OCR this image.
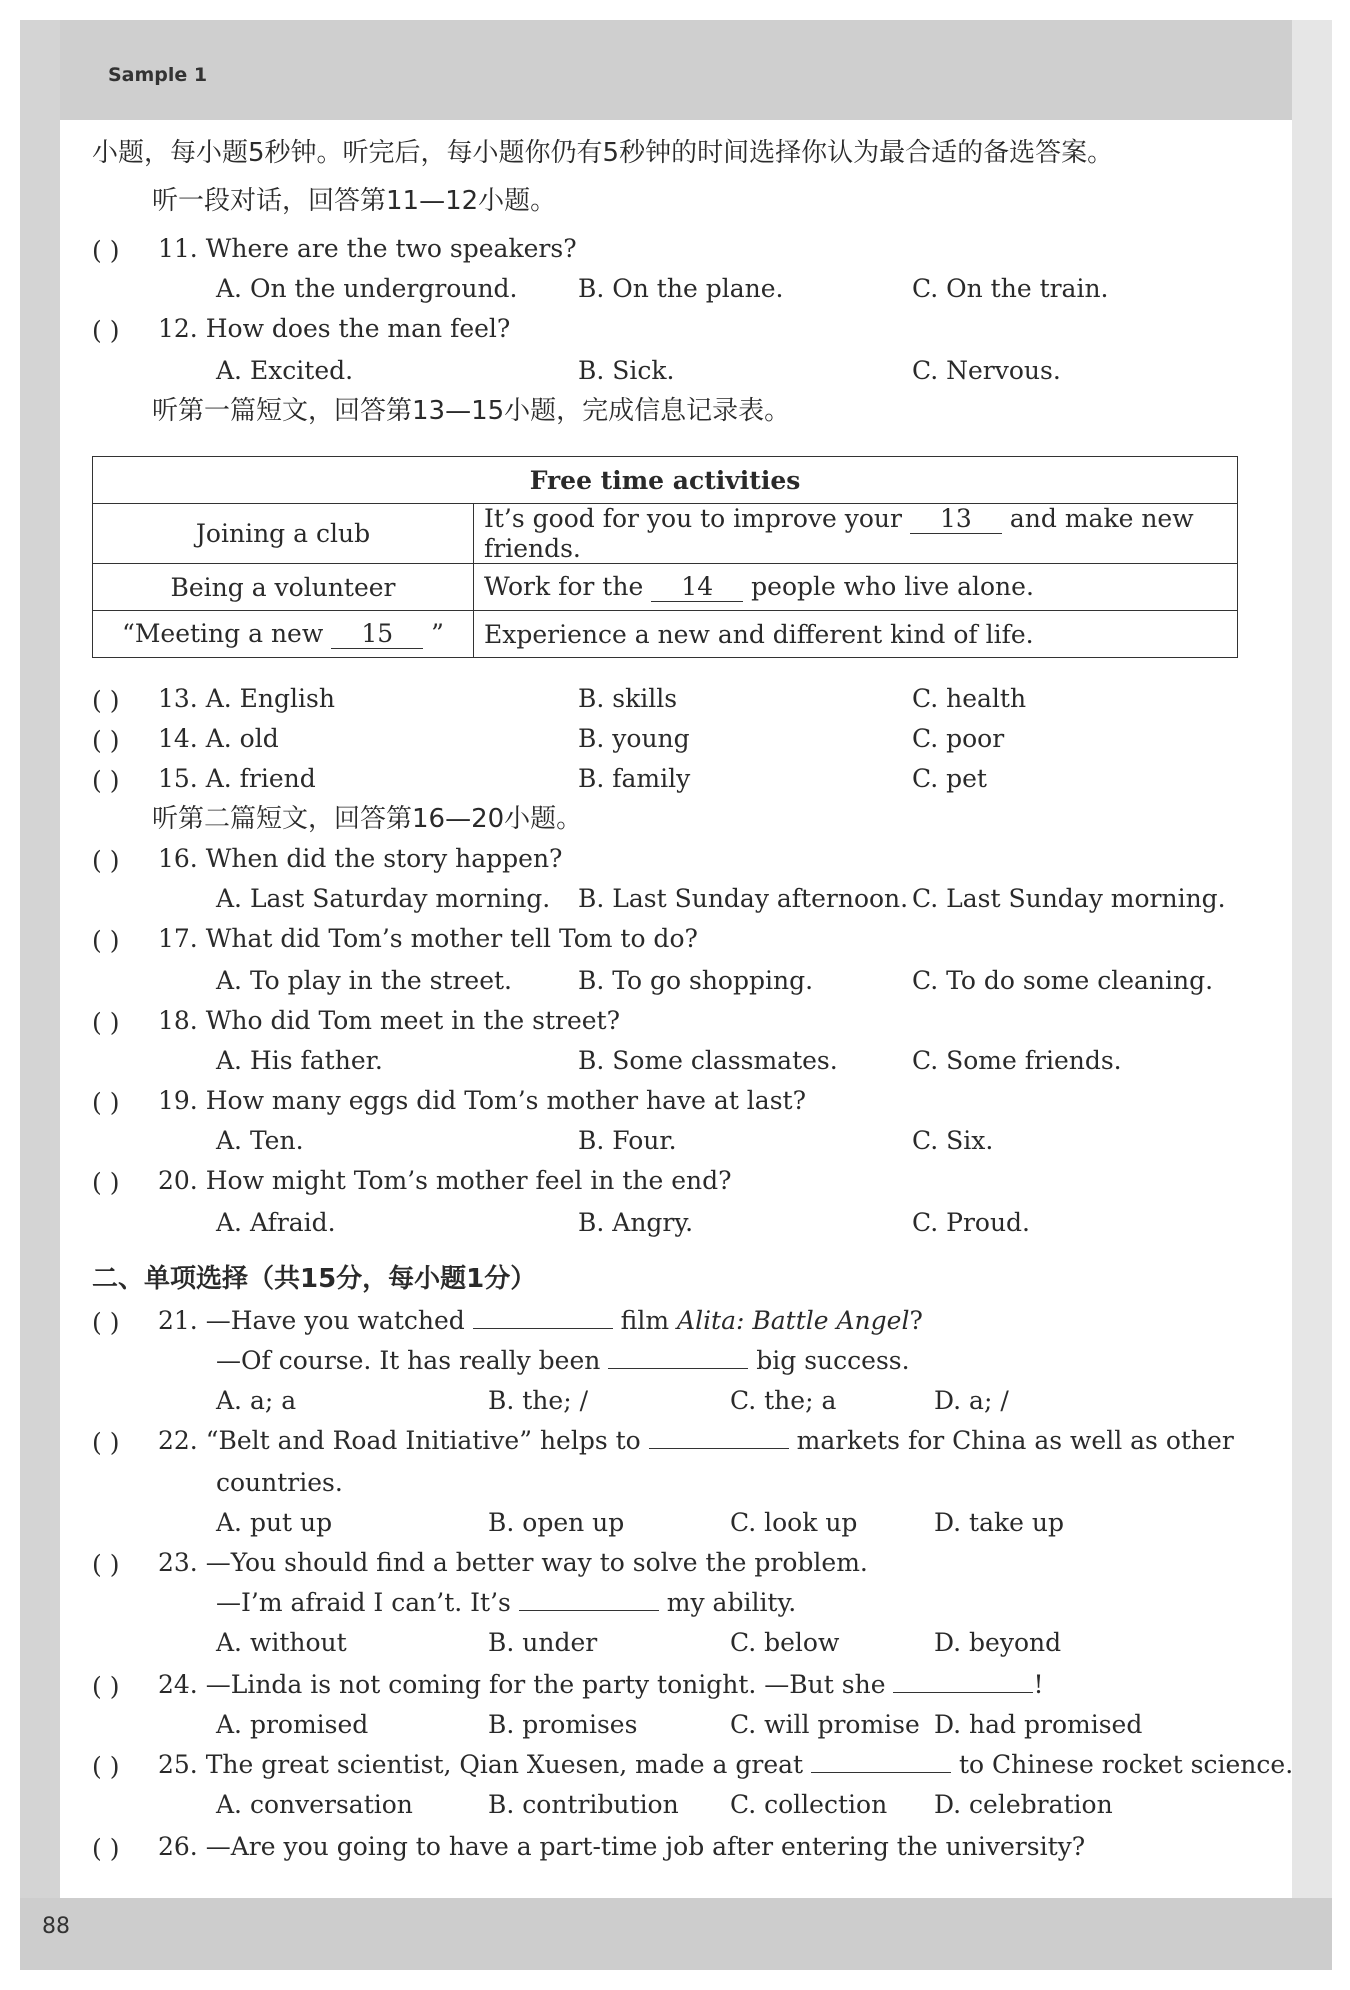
Sample 1
88
小题，每小题5秒钟。听完后，每小题你仍有5秒钟的时间选择你认为最合适的备选答案。
听一段对话，回答第11—12小题。
( ) 11. Where are the two speakers?
A. On the underground. B. On the plane.	C. On the train.
( ) 12. How does the man feel?
A. Excited.	B. Sick.	C. Nervous.
听第一篇短文，回答第13—15小题，完成信息记录表。
Free time activities	
Joining a club	It’s good for you to improve your 13 and make new friends.
Being a volunteer	Work for the 14 people who live alone.
“Meeting a new 15 ”	Experience a new and different kind of life.
( ) 13. A. English	B. skills	C. health
( ) 14. A. old	B. young	C. poor
( ) 15. A. friend	B. family	C. pet
听第二篇短文，回答第16—20小题。
( ) 16. When did the story happen?
A. Last Saturday morning. B. Last Sunday afternoon. C. Last Sunday morning.
( ) 17. What did Tom’s mother tell Tom to do?
A. To play in the street.	B. To go shopping.	C. To do some cleaning.
( ) 18. Who did Tom meet in the street?
A. His father.	B. Some classmates.	C. Some friends.
( ) 19. How many eggs did Tom’s mother have at last?
A. Ten.	B. Four.	C. Six.
( ) 20. How might Tom’s mother feel in the end?
A. Afraid.	B. Angry.	C. Proud.
二、单项选择（共15分，每小题1分）
( ) 21. —Have you watched	film Alita: Battle Angel?
—Of course. It has really been	big success.
A. a; a	B. the; /	C. the; a	D. a; /
( ) 22. “Belt and Road Initiative” helps to	markets for China as well as other
countries.
A. put up	B. open up	C. look up	D. take up
( ) 23. —You should find a better way to solve the problem.
—I’m afraid I can’t. It’s	my ability.
A. without	B. under	C. below	D. beyond
( ) 24. —Linda is not coming for the party tonight. —But she	!
A. promised	B. promises	C. will promise D. had promised
( ) 25. The great scientist, Qian Xuesen, made a great	to Chinese rocket science.
A. conversation	B. contribution C. collection D. celebration
( ) 26. —Are you going to have a part-time job after entering the university?
